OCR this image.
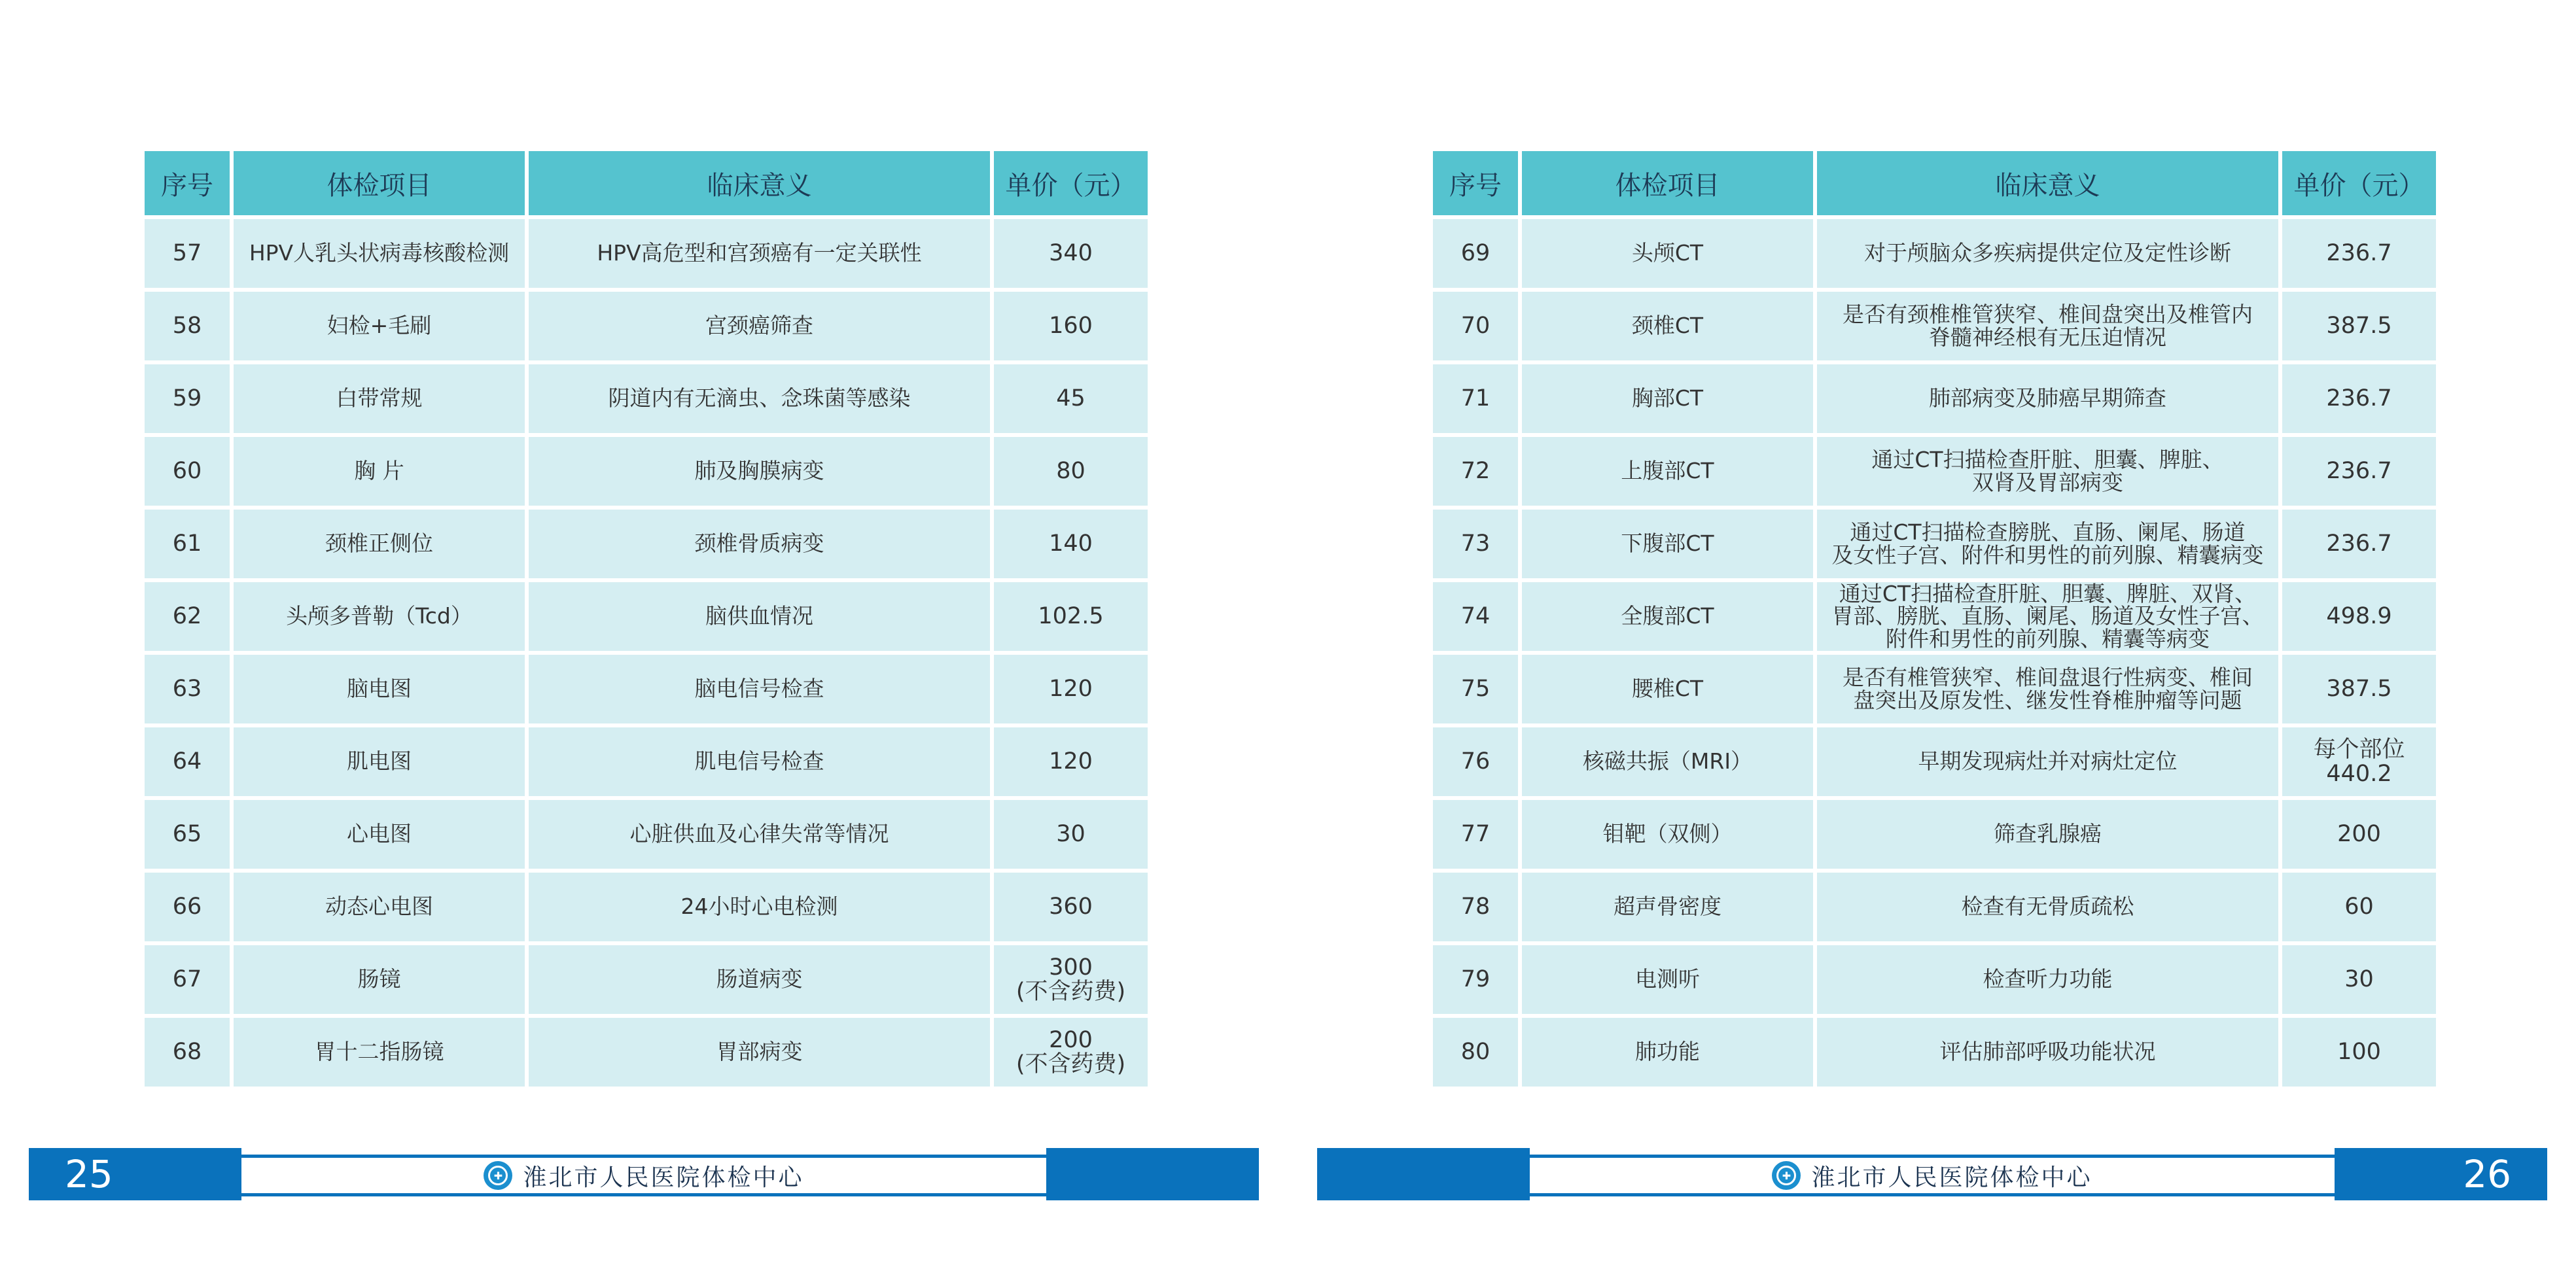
序号	体检项目	临床意义	单价（元）
57	HPV人乳头状病毒核酸检测	HPV高危型和宫颈癌有一定关联性	340
58	妇检+毛刷	宫颈癌筛查	160
59	白带常规	阴道内有无滴虫、念珠菌等感染	45
60	胸 片	肺及胸膜病变	80
61	颈椎正侧位	颈椎骨质病变	140
62	头颅多普勒（Tcd）	脑供血情况	102.5
63	脑电图	脑电信号检查	120
64	肌电图	肌电信号检查	120
65	心电图	心脏供血及心律失常等情况	30
66	动态心电图	24小时心电检测	360
67	肠镜	肠道病变	300
(不含药费)
68	胃十二指肠镜	胃部病变	200
(不含药费)
25	✚ 淮北市人民医院体检中心
序号	体检项目	临床意义	单价（元）
69	头颅CT	对于颅脑众多疾病提供定位及定性诊断	236.7
70	颈椎CT	是否有颈椎椎管狭窄、椎间盘突出及椎管内
脊髓神经根有无压迫情况	387.5
71	胸部CT	肺部病变及肺癌早期筛查	236.7
72	上腹部CT	通过CT扫描检查肝脏、胆囊、脾脏、
双肾及胃部病变	236.7
73	下腹部CT	通过CT扫描检查膀胱、直肠、阑尾、肠道
及女性子宫、附件和男性的前列腺、精囊病变	236.7
74	全腹部CT	通过CT扫描检查肝脏、胆囊、脾脏、双肾、
胃部、膀胱、直肠、阑尾、肠道及女性子宫、
附件和男性的前列腺、精囊等病变	498.9
75	腰椎CT	是否有椎管狭窄、椎间盘退行性病变、椎间
盘突出及原发性、继发性脊椎肿瘤等问题	387.5
76	核磁共振（MRI）	早期发现病灶并对病灶定位	每个部位
440.2
77	钼靶（双侧）	筛查乳腺癌	200
78	超声骨密度	检查有无骨质疏松	60
79	电测听	检查听力功能	30
80	肺功能	评估肺部呼吸功能状况	100
✚ 淮北市人民医院体检中心	26
